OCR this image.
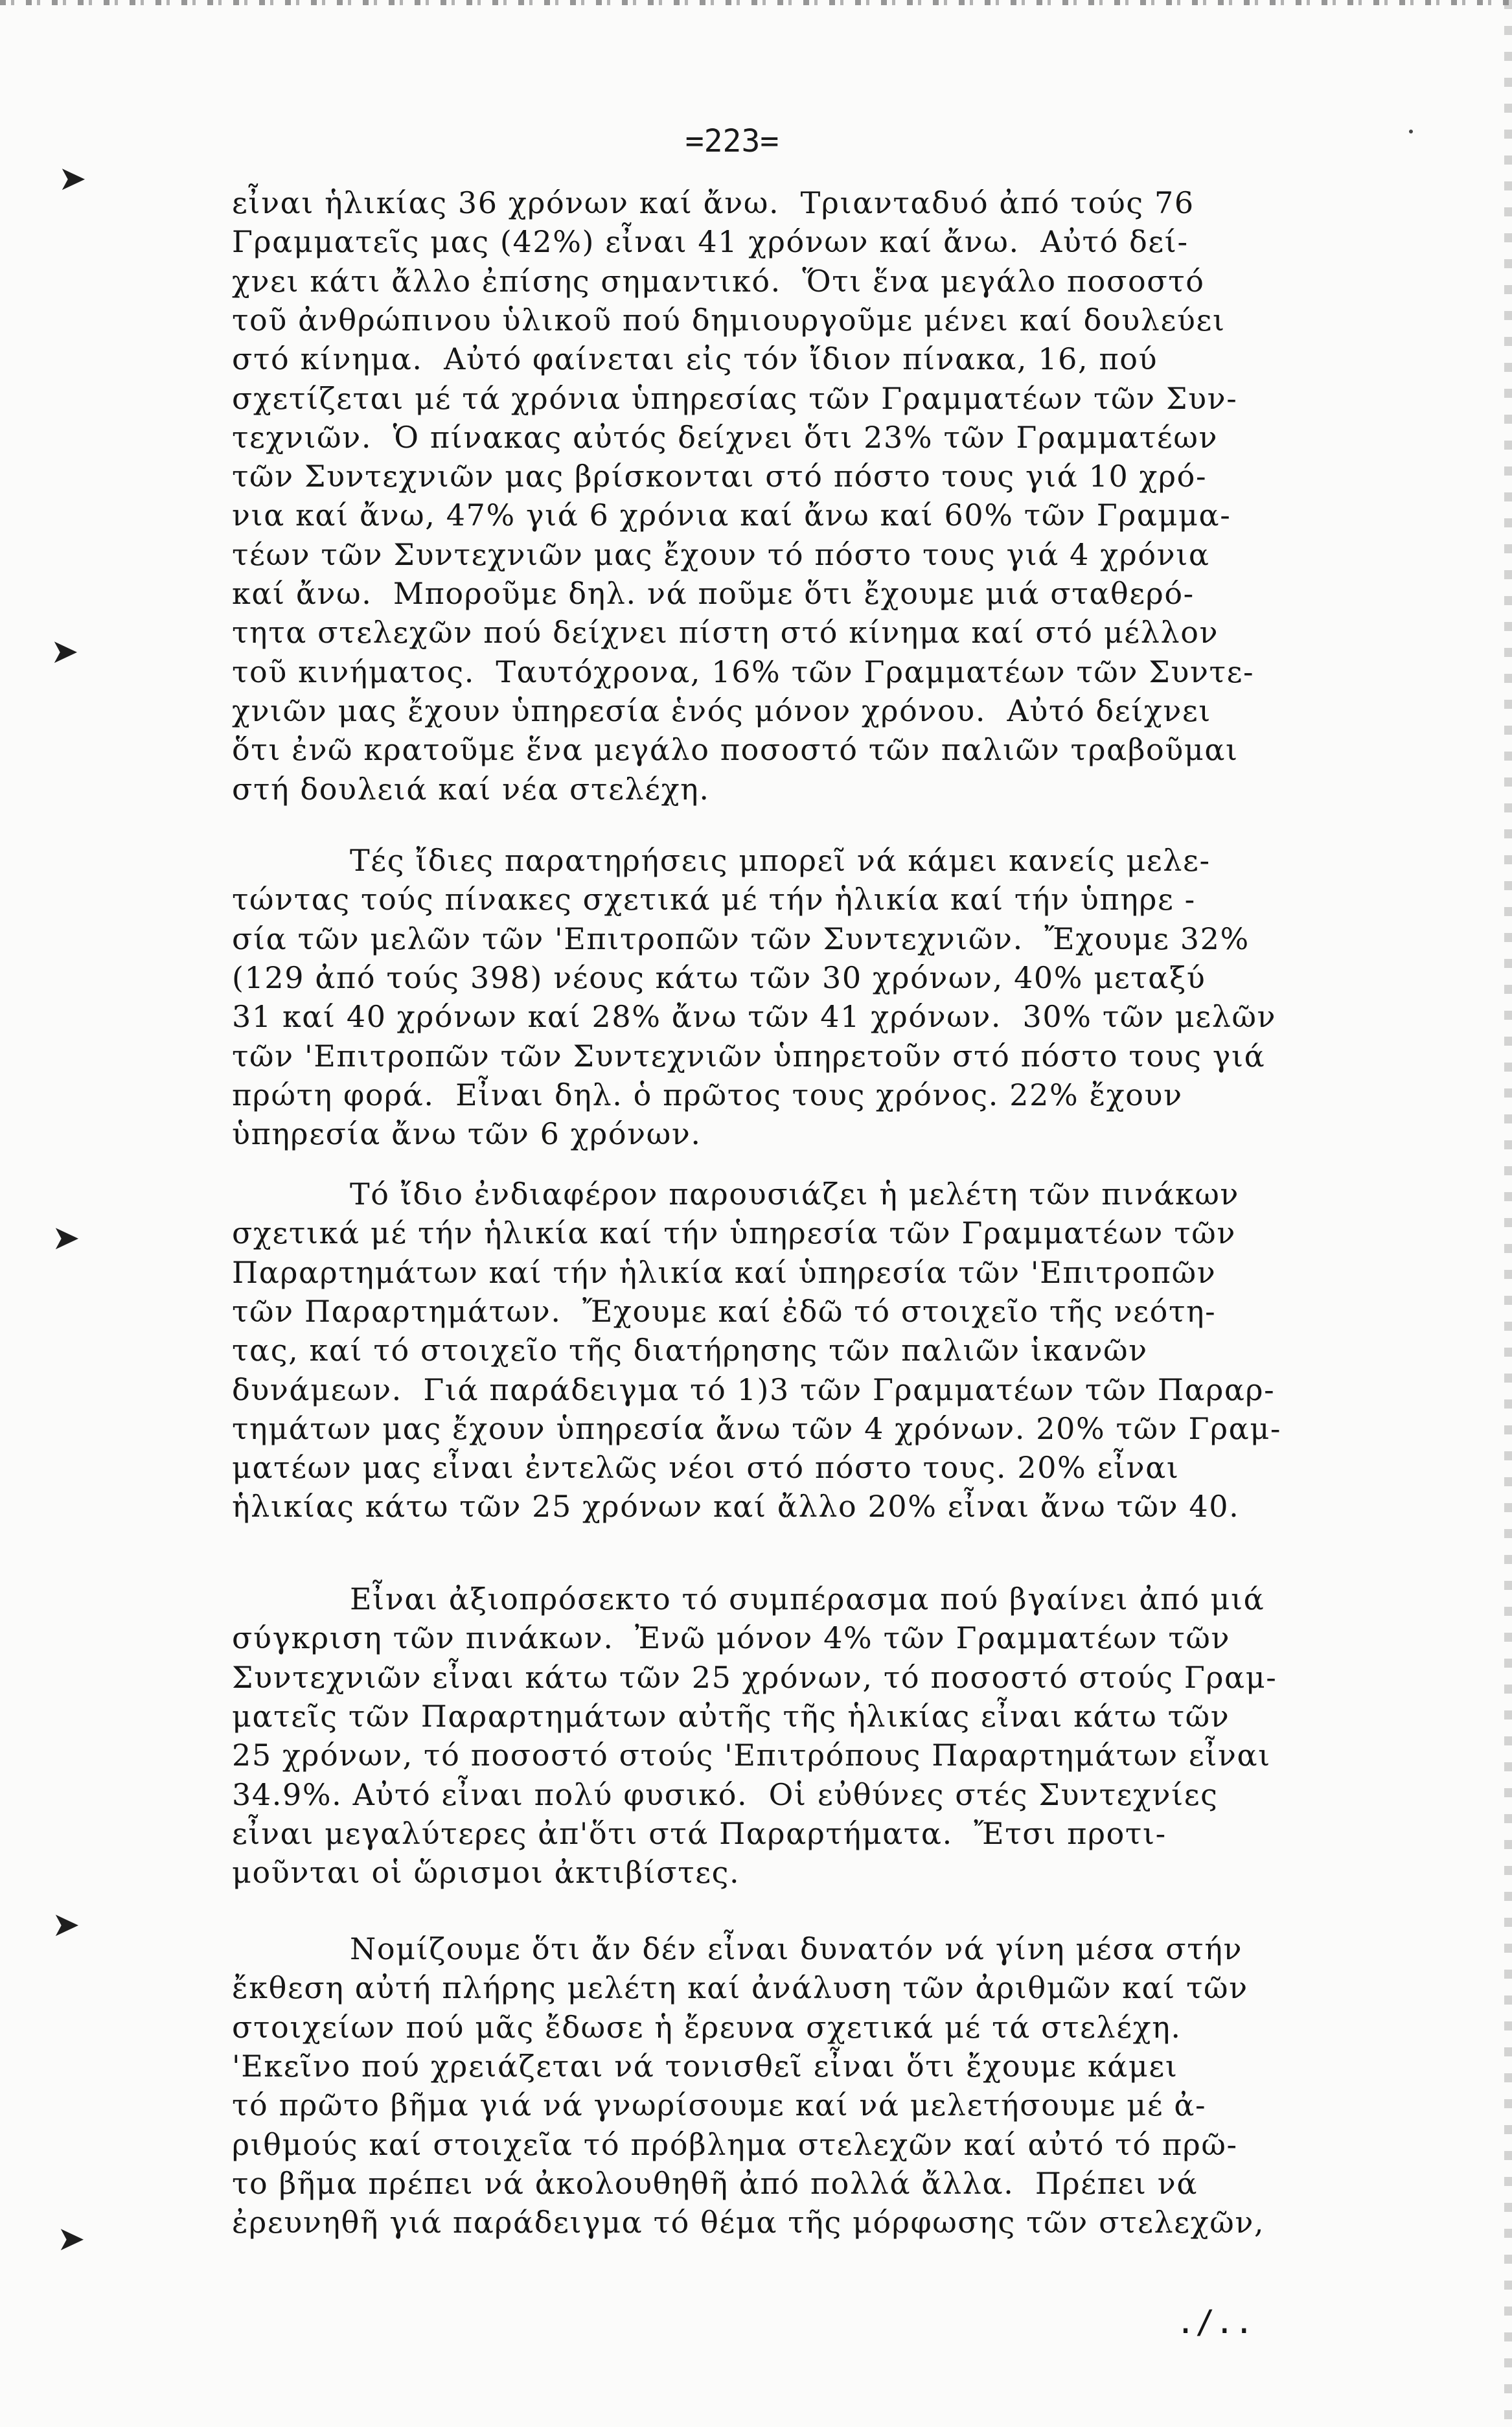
➤
➤
➤
➤
➤
=223=
εἶναι ἡλικίας 36 χρόνων καί ἄνω.  Τριανταδυό ἀπό τούς 76
Γραμματεῖς μας (42%) εἶναι 41 χρόνων καί ἄνω.  Αὐτό δεί-
χνει κάτι ἄλλο ἐπίσης σημαντικό.  Ὅτι ἕνα μεγάλο ποσοστό
τοῦ ἀνθρώπινου ὑλικοῦ πού δημιουργοῦμε μένει καί δουλεύει
στό κίνημα.  Αὐτό φαίνεται εἰς τόν ἴδιον πίνακα, 16, πού
σχετίζεται μέ τά χρόνια ὑπηρεσίας τῶν Γραμματέων τῶν Συν-
τεχνιῶν.  Ὁ πίνακας αὐτός δείχνει ὅτι 23% τῶν Γραμματέων
τῶν Συντεχνιῶν μας βρίσκονται στό πόστο τους γιά 10 χρό-
νια καί ἄνω, 47% γιά 6 χρόνια καί ἄνω καί 60% τῶν Γραμμα-
τέων τῶν Συντεχνιῶν μας ἔχουν τό πόστο τους γιά 4 χρόνια
καί ἄνω.  Μποροῦμε δηλ. νά ποῦμε ὅτι ἔχουμε μιά σταθερό-
τητα στελεχῶν πού δείχνει πίστη στό κίνημα καί στό μέλλον
τοῦ κινήματος.  Ταυτόχρονα, 16% τῶν Γραμματέων τῶν Συντε-
χνιῶν μας ἔχουν ὑπηρεσία ἑνός μόνον χρόνου.  Αὐτό δείχνει
ὅτι ἐνῶ κρατοῦμε ἕνα μεγάλο ποσοστό τῶν παλιῶν τραβοῦμαι
στή δουλειά καί νέα στελέχη.
Τές ἴδιες παρατηρήσεις μπορεῖ νά κάμει κανείς μελε-
τώντας τούς πίνακες σχετικά μέ τήν ἡλικία καί τήν ὑπηρε -
σία τῶν μελῶν τῶν 'Επιτροπῶν τῶν Συντεχνιῶν.  Ἔχουμε 32%
(129 ἀπό τούς 398) νέους κάτω τῶν 30 χρόνων, 40% μεταξύ
31 καί 40 χρόνων καί 28% ἄνω τῶν 41 χρόνων.  30% τῶν μελῶν
τῶν 'Επιτροπῶν τῶν Συντεχνιῶν ὑπηρετοῦν στό πόστο τους γιά
πρώτη φορά.  Εἶναι δηλ. ὁ πρῶτος τους χρόνος. 22% ἔχουν
ὑπηρεσία ἄνω τῶν 6 χρόνων.
Τό ἴδιο ἐνδιαφέρον παρουσιάζει ἡ μελέτη τῶν πινάκων
σχετικά μέ τήν ἡλικία καί τήν ὑπηρεσία τῶν Γραμματέων τῶν
Παραρτημάτων καί τήν ἡλικία καί ὑπηρεσία τῶν 'Επιτροπῶν
τῶν Παραρτημάτων.  Ἔχουμε καί ἐδῶ τό στοιχεῖο τῆς νεότη-
τας, καί τό στοιχεῖο τῆς διατήρησης τῶν παλιῶν ἱκανῶν
δυνάμεων.  Γιά παράδειγμα τό 1)3 τῶν Γραμματέων τῶν Παραρ-
τημάτων μας ἔχουν ὑπηρεσία ἄνω τῶν 4 χρόνων. 20% τῶν Γραμ-
ματέων μας εἶναι ἐντελῶς νέοι στό πόστο τους. 20% εἶναι
ἡλικίας κάτω τῶν 25 χρόνων καί ἄλλο 20% εἶναι ἄνω τῶν 40.
Εἶναι ἀξιοπρόσεκτο τό συμπέρασμα πού βγαίνει ἀπό μιά
σύγκριση τῶν πινάκων.  Ἐνῶ μόνον 4% τῶν Γραμματέων τῶν
Συντεχνιῶν εἶναι κάτω τῶν 25 χρόνων, τό ποσοστό στούς Γραμ-
ματεῖς τῶν Παραρτημάτων αὐτῆς τῆς ἡλικίας εἶναι κάτω τῶν
25 χρόνων, τό ποσοστό στούς 'Επιτρόπους Παραρτημάτων εἶναι
34.9%. Αὐτό εἶναι πολύ φυσικό.  Οἱ εὐθύνες στές Συντεχνίες
εἶναι μεγαλύτερες ἀπ'ὅτι στά Παραρτήματα.  Ἔτσι προτι-
μοῦνται οἱ ὥρισμοι ἀκτιβίστες.
Νομίζουμε ὅτι ἄν δέν εἶναι δυνατόν νά γίνη μέσα στήν
ἔκθεση αὐτή πλήρης μελέτη καί ἀνάλυση τῶν ἀριθμῶν καί τῶν
στοιχείων πού μᾶς ἔδωσε ἡ ἔρευνα σχετικά μέ τά στελέχη.
'Εκεῖνο πού χρειάζεται νά τονισθεῖ εἶναι ὅτι ἔχουμε κάμει
τό πρῶτο βῆμα γιά νά γνωρίσουμε καί νά μελετήσουμε μέ ἀ-
ριθμούς καί στοιχεῖα τό πρόβλημα στελεχῶν καί αὐτό τό πρῶ-
το βῆμα πρέπει νά ἀκολουθηθῆ ἀπό πολλά ἄλλα.  Πρέπει νά
ἐρευνηθῆ γιά παράδειγμα τό θέμα τῆς μόρφωσης τῶν στελεχῶν,
./..
